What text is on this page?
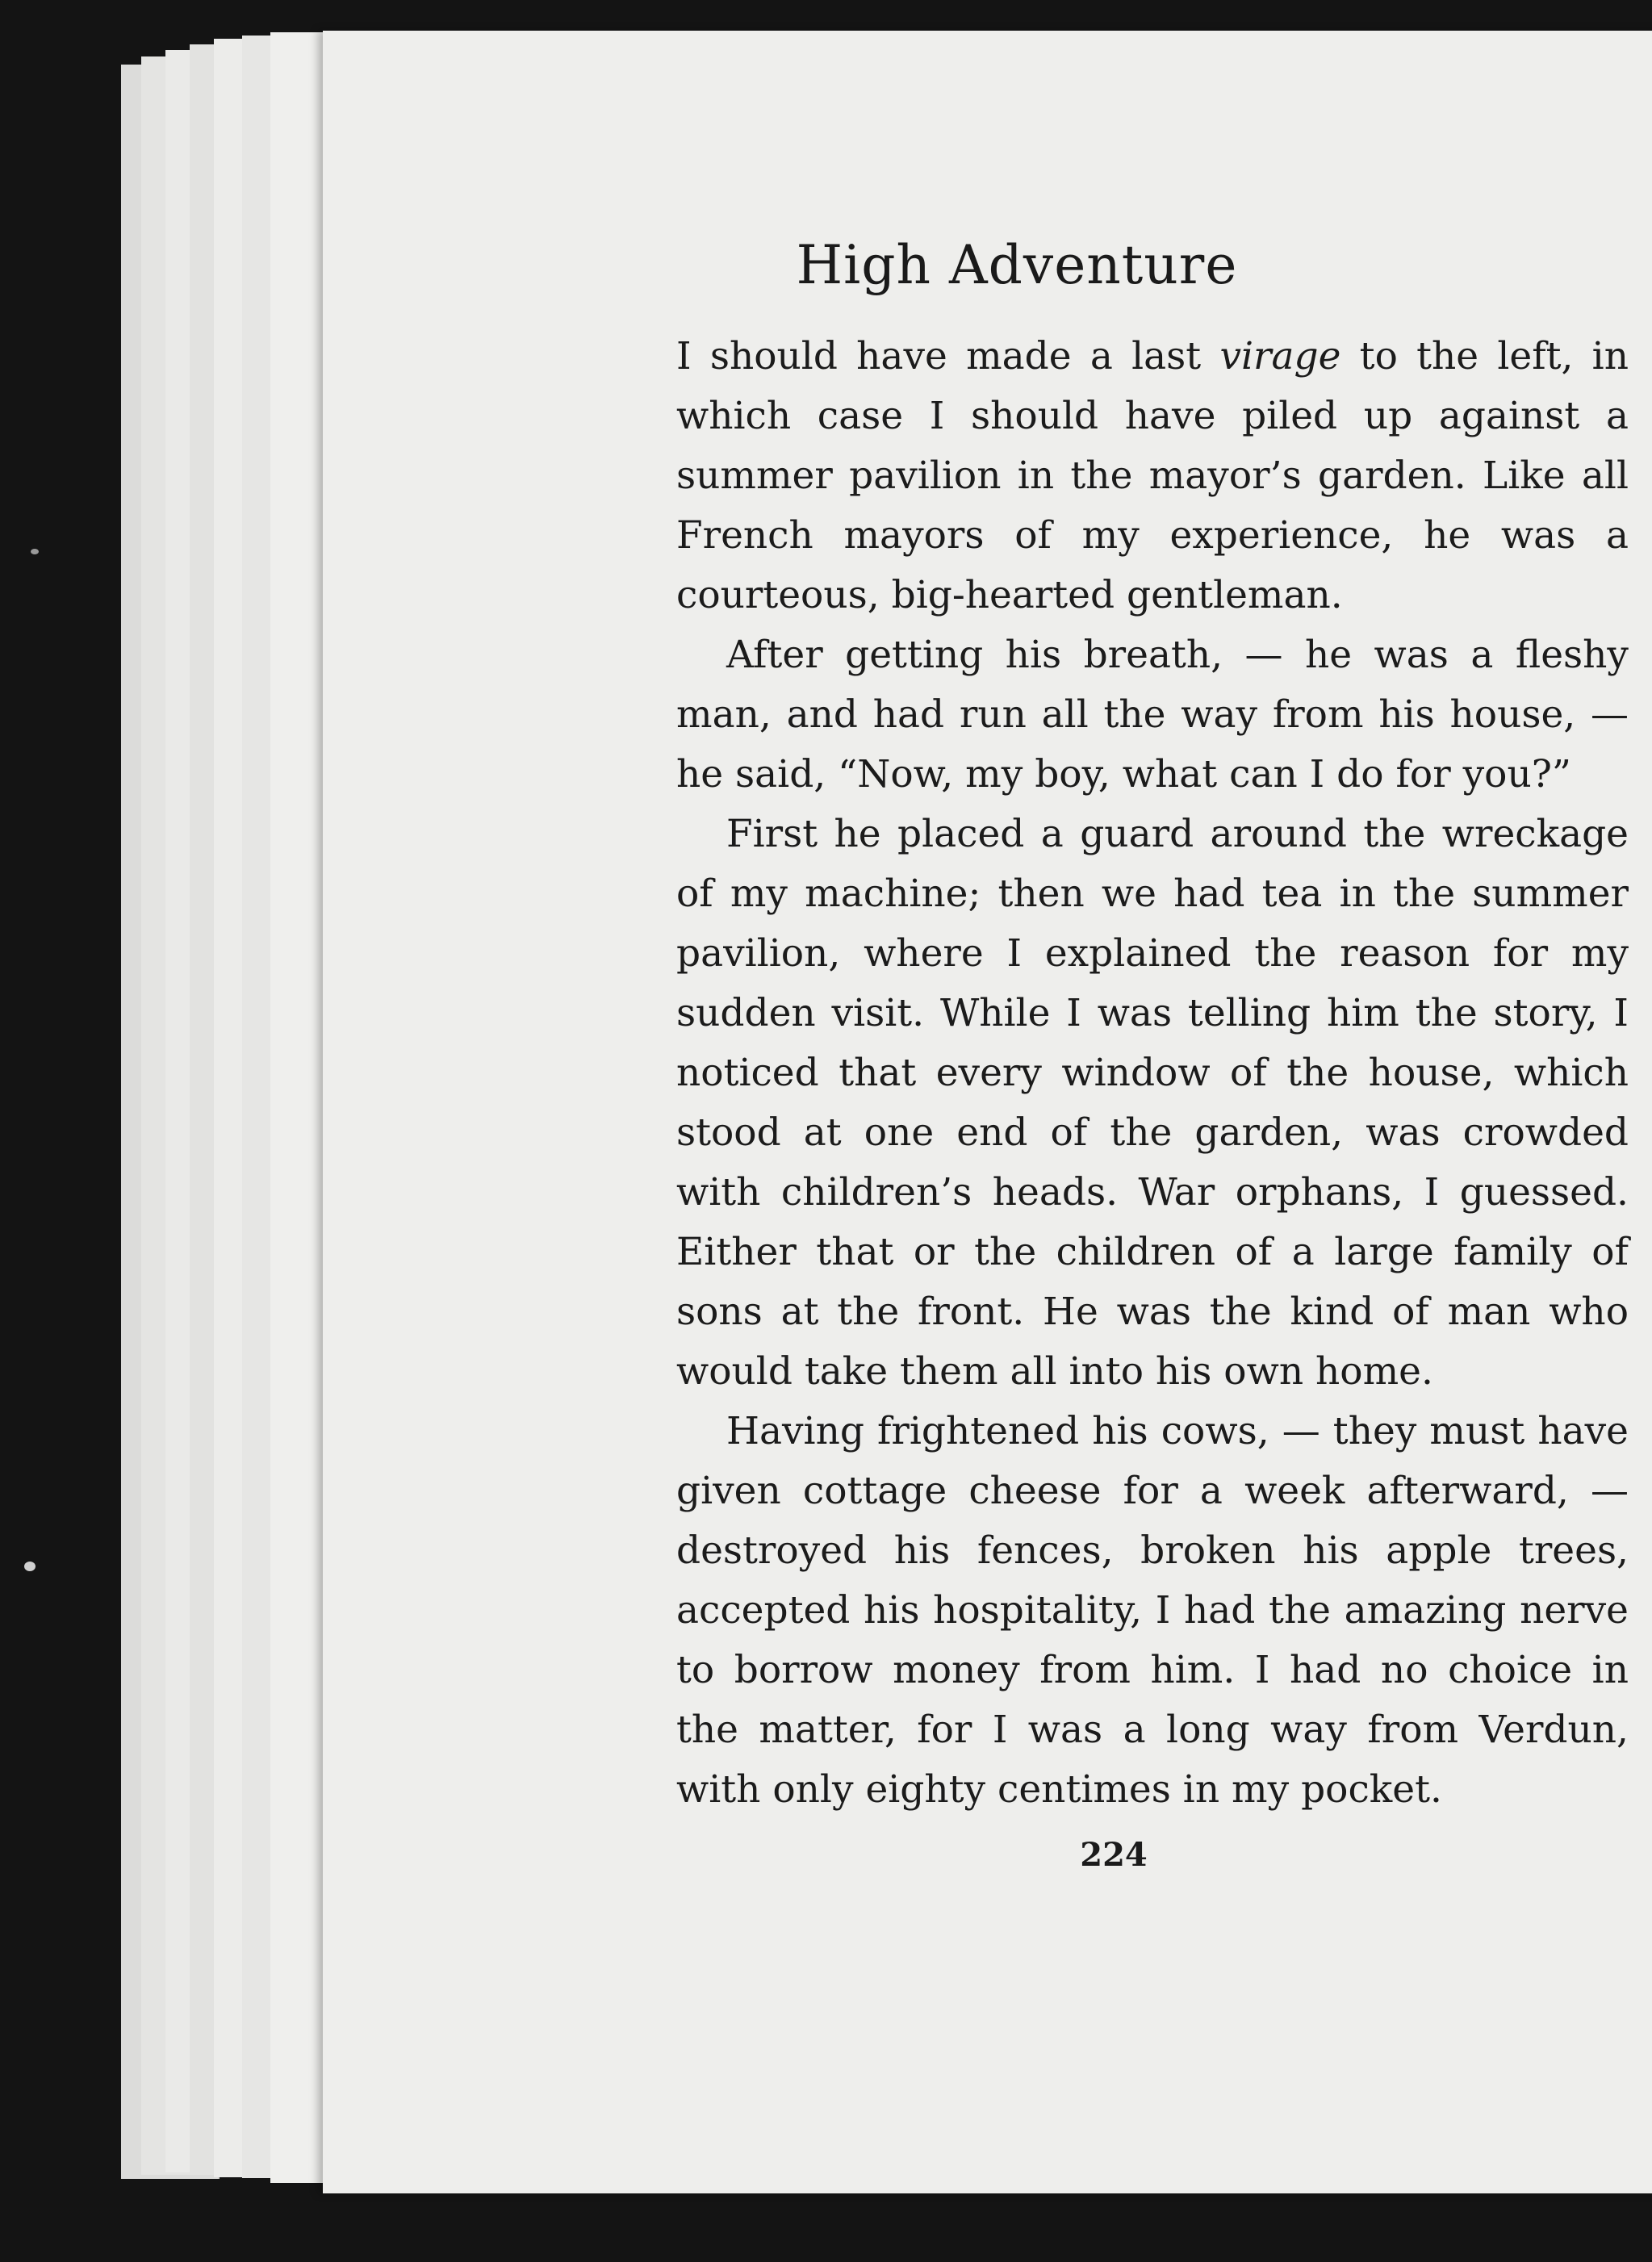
High Adventure

I should have made a last virage to the left, in which case I should have piled up against a summer pavilion in the mayor’s garden. Like all French mayors of my experience, he was a courteous, big-hearted gentleman.

After getting his breath, — he was a fleshy man, and had run all the way from his house, — he said, “Now, my boy, what can I do for you?”

First he placed a guard around the wreckage of my machine; then we had tea in the summer pavilion, where I explained the reason for my sudden visit. While I was telling him the story, I noticed that every window of the house, which stood at one end of the garden, was crowded with children’s heads. War orphans, I guessed. Either that or the children of a large family of sons at the front. He was the kind of man who would take them all into his own home.

Having frightened his cows, — they must have given cottage cheese for a week afterward, — destroyed his fences, broken his apple trees, accepted his hospitality, I had the amazing nerve to borrow money from him. I had no choice in the matter, for I was a long way from Verdun, with only eighty centimes in my pocket.

224
